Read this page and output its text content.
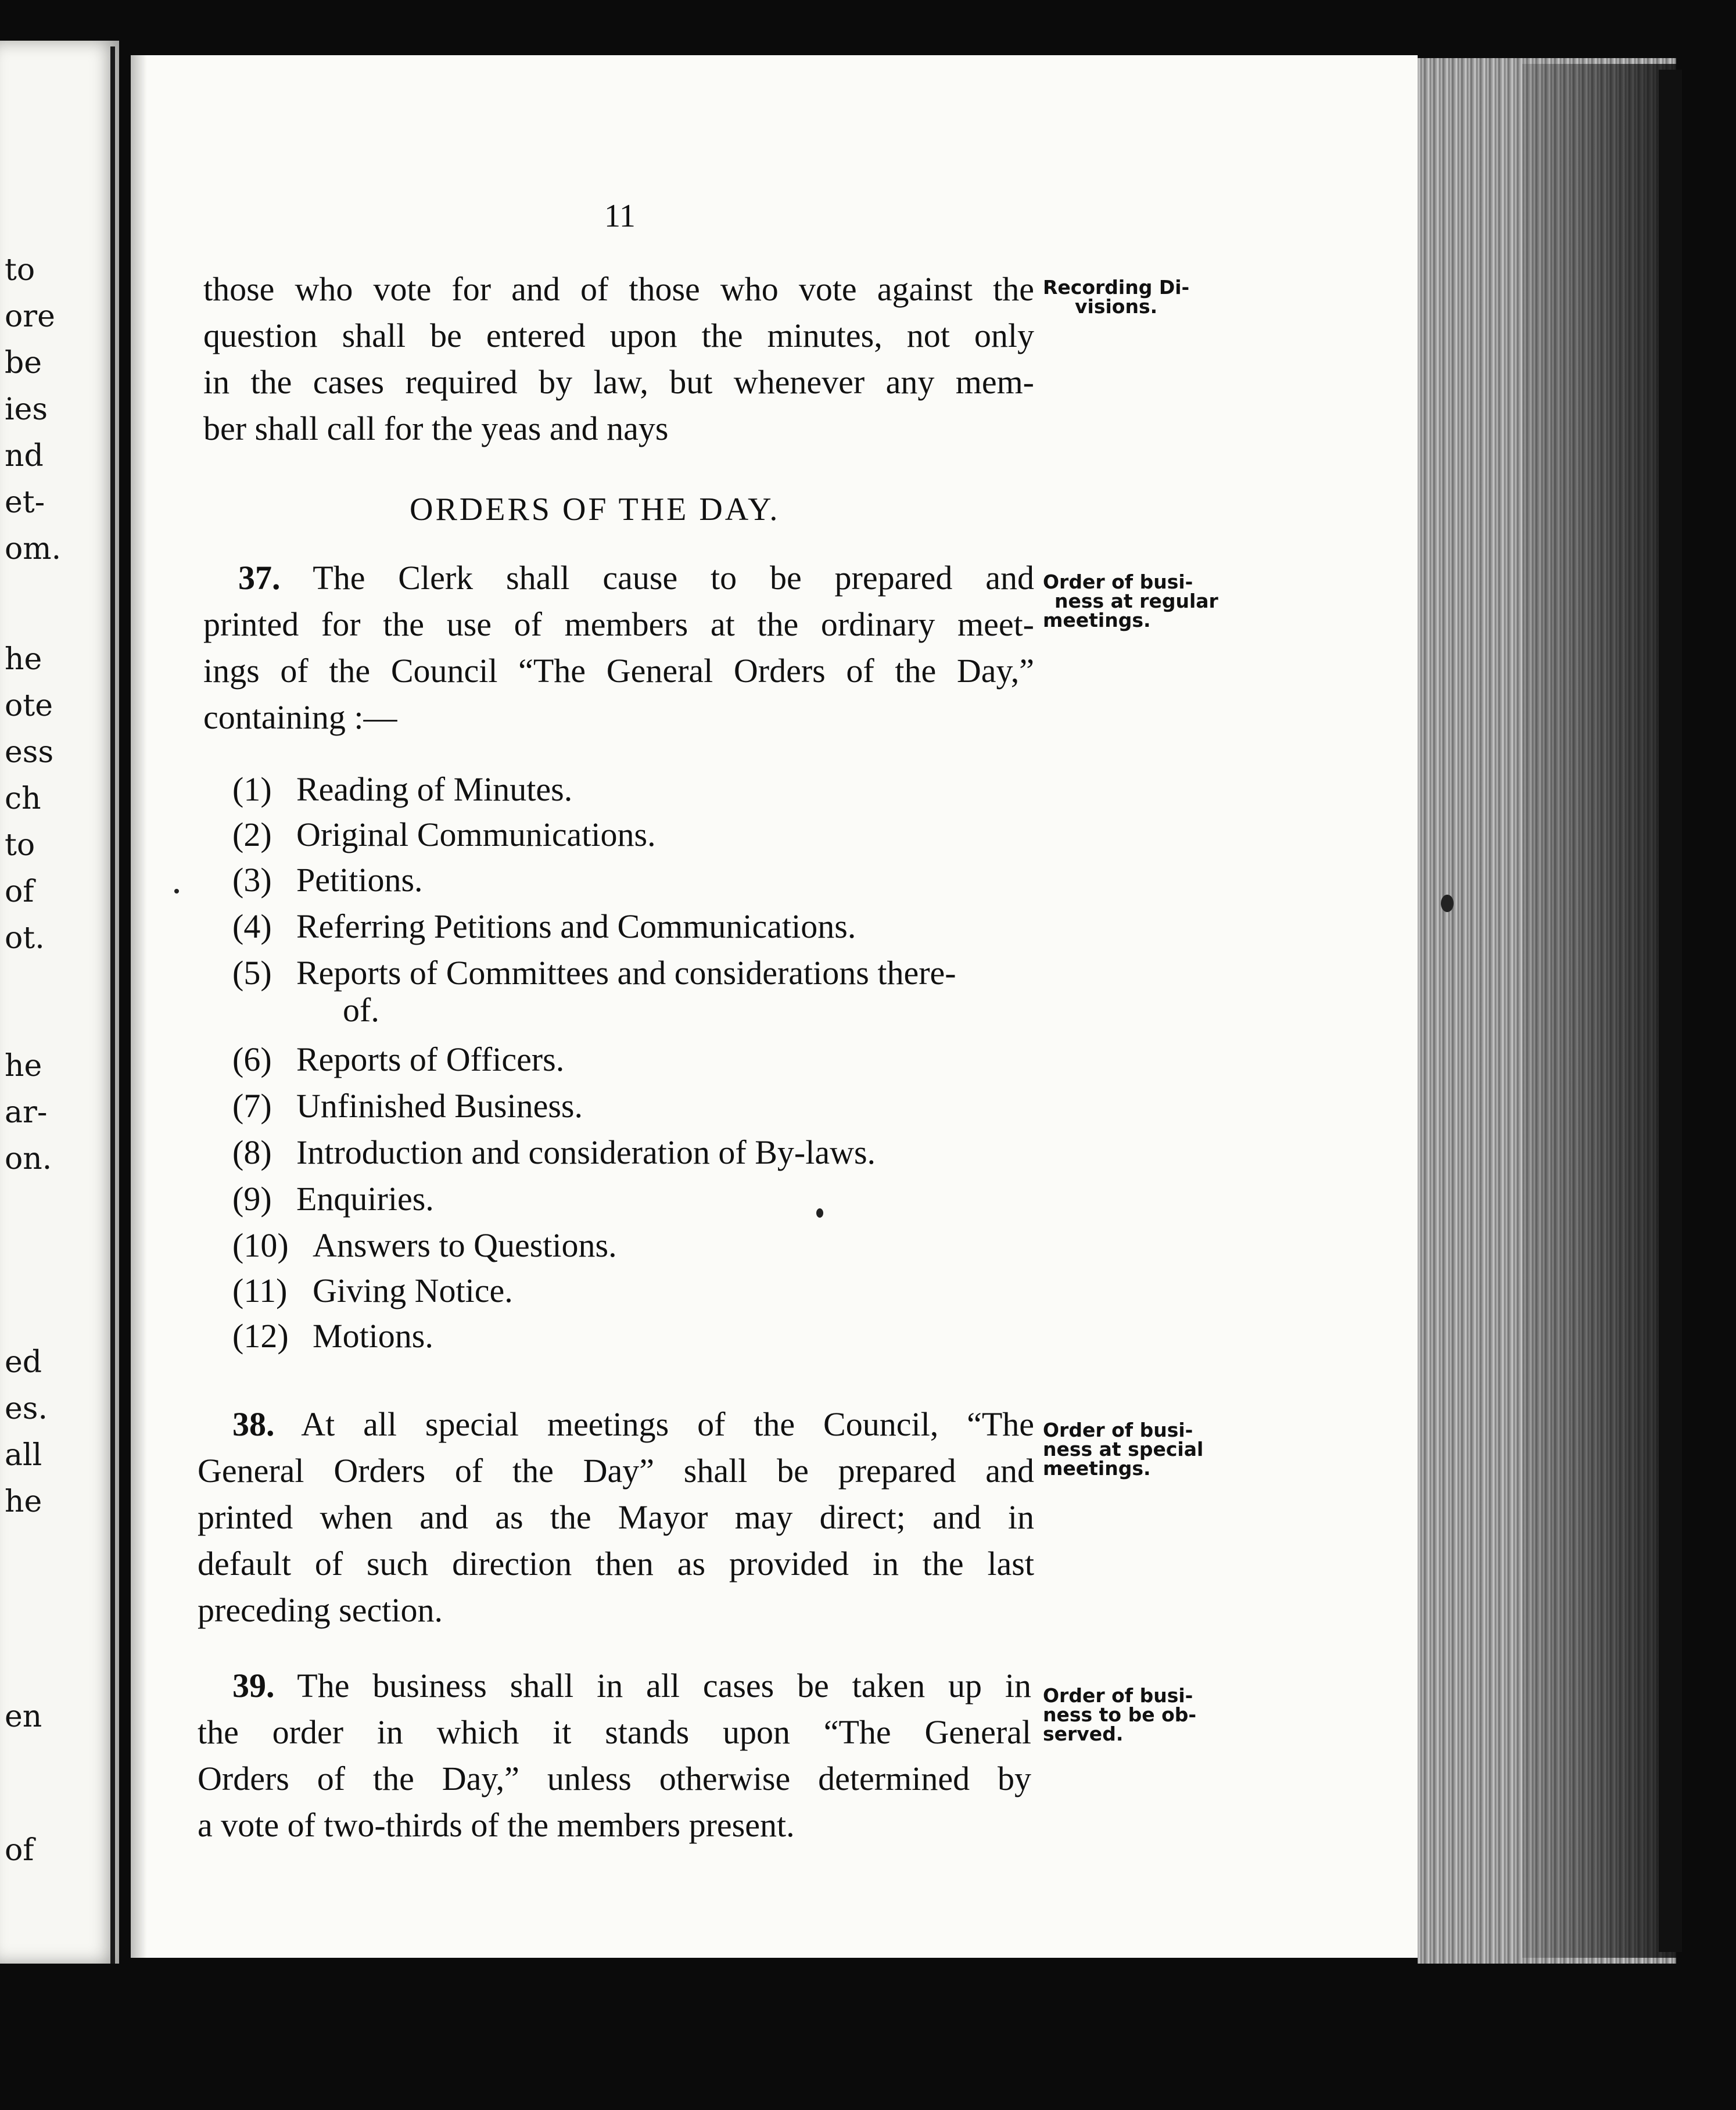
to
ore
be
ies
nd
et-
om.
he
ote
ess
ch
to
of
ot.
he
ar-
on.
ed
es.
all
he
en
of
11
those who vote for and of those who vote against the
question shall be entered upon the minutes, not only
in the cases required by law, but whenever any mem-
ber shall call for the yeas and nays
Recording Di-
visions.
ORDERS OF THE DAY.
37. The Clerk shall cause to be prepared and
printed for the use of members at the ordinary meet-
ings of the Council “The General Orders of the Day,”
containing :—
Order of busi-
ness at regular
meetings.
(1) Reading of Minutes.
(2) Original Communications.
(3) Petitions.
(4) Referring Petitions and Communications.
(5) Reports of Committees and considerations there-
of.
(6) Reports of Officers.
(7) Unfinished Business.
(8) Introduction and consideration of By-laws.
(9) Enquiries.
(10) Answers to Questions.
(11) Giving Notice.
(12) Motions.
38. At all special meetings of the Council, “The
General Orders of the Day” shall be prepared and
printed when and as the Mayor may direct; and in
default of such direction then as provided in the last
preceding section.
Order of busi-
ness at special
meetings.
39. The business shall in all cases be taken up in
the order in which it stands upon “The General
Orders of the Day,” unless otherwise determined by
a vote of two-thirds of the members present.
Order of busi-
ness to be ob-
served.
